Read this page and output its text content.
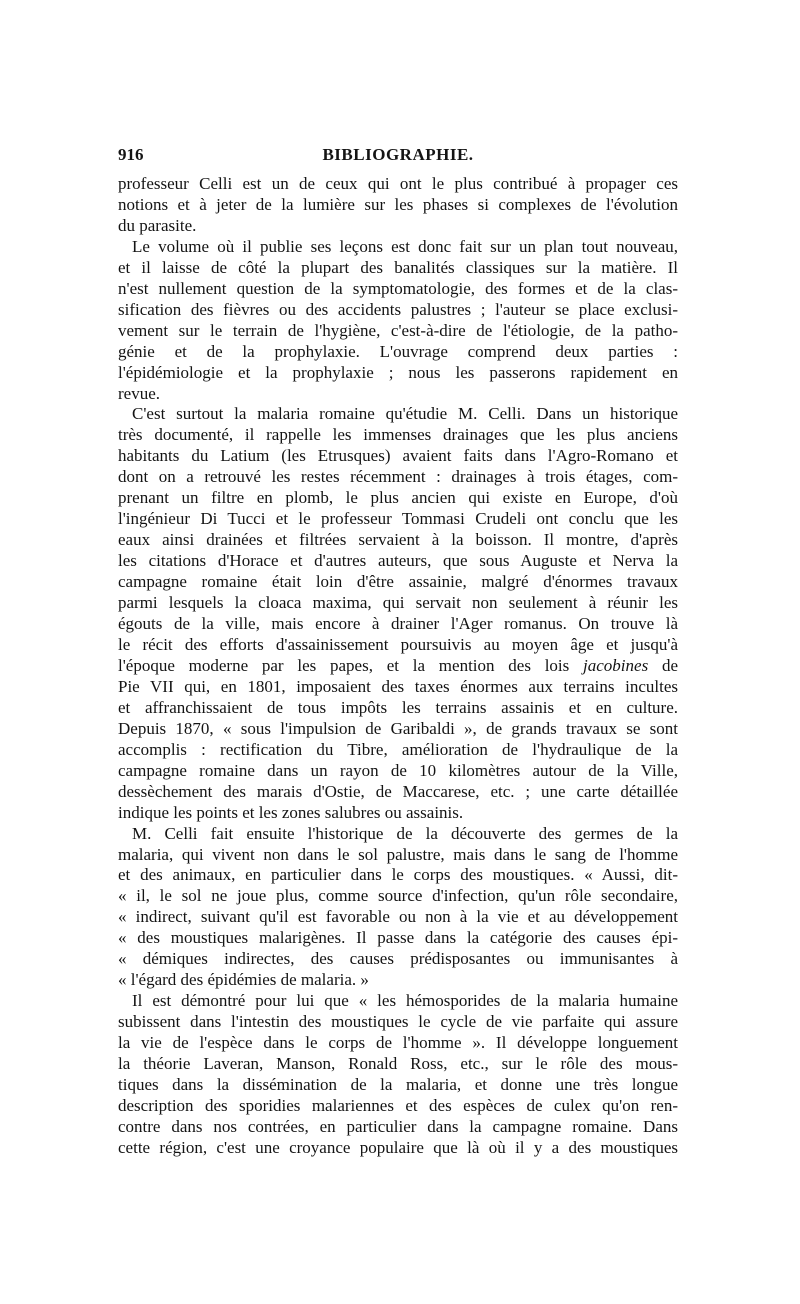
916	BIBLIOGRAPHIE.
professeur Celli est un de ceux qui ont le plus contribué à propager ces
notions et à jeter de la lumière sur les phases si complexes de l'évolution
du parasite.
Le volume où il publie ses leçons est donc fait sur un plan tout nouveau,
et il laisse de côté la plupart des banalités classiques sur la matière. Il
n'est nullement question de la symptomatologie, des formes et de la clas-
sification des fièvres ou des accidents palustres ; l'auteur se place exclusi-
vement sur le terrain de l'hygiène, c'est-à-dire de l'étiologie, de la patho-
génie et de la prophylaxie. L'ouvrage comprend deux parties :
l'épidémiologie et la prophylaxie ; nous les passerons rapidement en
revue.
C'est surtout la malaria romaine qu'étudie M. Celli. Dans un historique
très documenté, il rappelle les immenses drainages que les plus anciens
habitants du Latium (les Etrusques) avaient faits dans l'Agro-Romano et
dont on a retrouvé les restes récemment : drainages à trois étages, com-
prenant un filtre en plomb, le plus ancien qui existe en Europe, d'où
l'ingénieur Di Tucci et le professeur Tommasi Crudeli ont conclu que les
eaux ainsi drainées et filtrées servaient à la boisson. Il montre, d'après
les citations d'Horace et d'autres auteurs, que sous Auguste et Nerva la
campagne romaine était loin d'être assainie, malgré d'énormes travaux
parmi lesquels la cloaca maxima, qui servait non seulement à réunir les
égouts de la ville, mais encore à drainer l'Ager romanus. On trouve là
le récit des efforts d'assainissement poursuivis au moyen âge et jusqu'à
l'époque moderne par les papes, et la mention des lois jacobines de
Pie VII qui, en 1801, imposaient des taxes énormes aux terrains incultes
et affranchissaient de tous impôts les terrains assainis et en culture.
Depuis 1870, « sous l'impulsion de Garibaldi », de grands travaux se sont
accomplis : rectification du Tibre, amélioration de l'hydraulique de la
campagne romaine dans un rayon de 10 kilomètres autour de la Ville,
dessèchement des marais d'Ostie, de Maccarese, etc. ; une carte détaillée
indique les points et les zones salubres ou assainis.
M. Celli fait ensuite l'historique de la découverte des germes de la
malaria, qui vivent non dans le sol palustre, mais dans le sang de l'homme
et des animaux, en particulier dans le corps des moustiques. « Aussi, dit-
« il, le sol ne joue plus, comme source d'infection, qu'un rôle secondaire,
« indirect, suivant qu'il est favorable ou non à la vie et au développement
« des moustiques malarigènes. Il passe dans la catégorie des causes épi-
« démiques indirectes, des causes prédisposantes ou immunisantes à
« l'égard des épidémies de malaria. »
Il est démontré pour lui que « les hémosporides de la malaria humaine
subissent dans l'intestin des moustiques le cycle de vie parfaite qui assure
la vie de l'espèce dans le corps de l'homme ». Il développe longuement
la théorie Laveran, Manson, Ronald Ross, etc., sur le rôle des mous-
tiques dans la dissémination de la malaria, et donne une très longue
description des sporidies malariennes et des espèces de culex qu'on ren-
contre dans nos contrées, en particulier dans la campagne romaine. Dans
cette région, c'est une croyance populaire que là où il y a des moustiques
